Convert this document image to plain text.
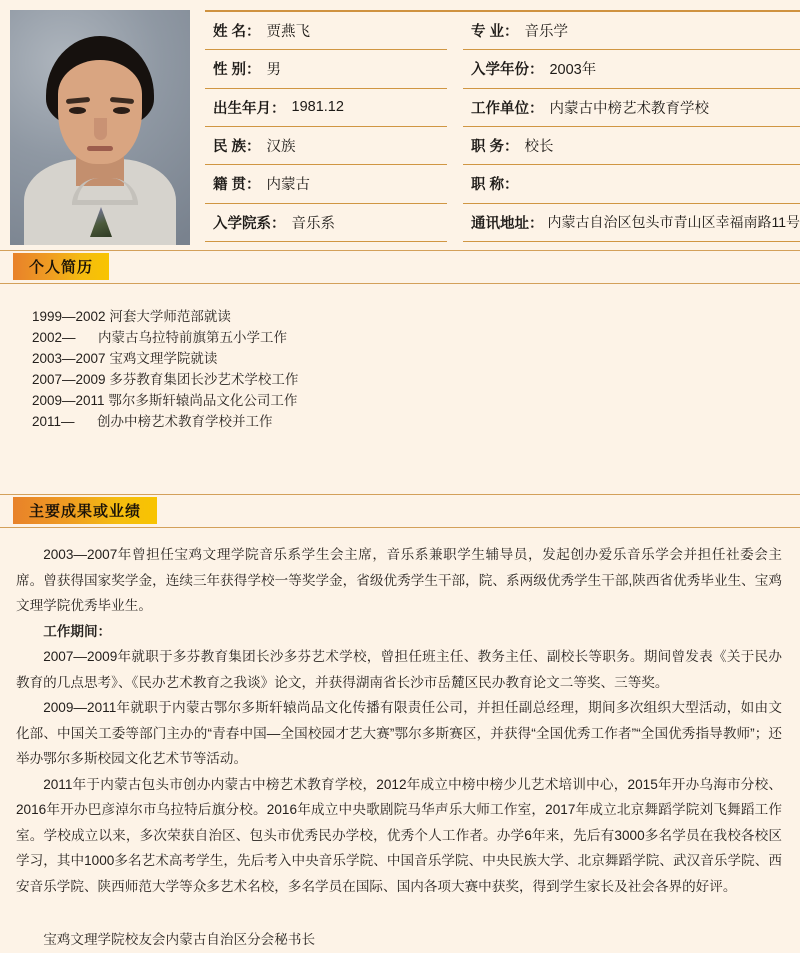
姓 名： 贾燕飞
性 别： 男
出生年月： 1981.12
民 族： 汉族
籍 贯： 内蒙古
入学院系： 音乐系
专 业： 音乐学
入学年份： 2003年
工作单位： 内蒙古中榜艺术教育学校
职 务： 校长
职 称：
通讯地址： 内蒙古自治区包头市青山区幸福南路11号
个人简历
1999—2002 河套大学师范部就读
2002—      内蒙古乌拉特前旗第五小学工作
2003—2007 宝鸡文理学院就读
2007—2009 多芬教育集团长沙艺术学校工作
2009—2011 鄂尔多斯轩辕尚品文化公司工作
2011—      创办中榜艺术教育学校并工作
主要成果或业绩

2003—2007年曾担任宝鸡文理学院音乐系学生会主席，音乐系兼职学生辅导员，发起创办爱乐音乐学会并担任社委会主席。曾获得国家奖学金，连续三年获得学校一等奖学金，省级优秀学生干部，院、系两级优秀学生干部,陕西省优秀毕业生、宝鸡文理学院优秀毕业生。

工作期间：

2007—2009年就职于多芬教育集团长沙多芬艺术学校，曾担任班主任、教务主任、副校长等职务。期间曾发表《关于民办教育的几点思考》、《民办艺术教育之我谈》论文，并获得湖南省长沙市岳麓区民办教育论文二等奖、三等奖。

2009—2011年就职于内蒙古鄂尔多斯轩辕尚品文化传播有限责任公司，并担任副总经理，期间多次组织大型活动，如由文化部、中国关工委等部门主办的“青春中国—全国校园才艺大赛”鄂尔多斯赛区，并获得“全国优秀工作者”“全国优秀指导教师”；还举办鄂尔多斯校园文化艺术节等活动。

2011年于内蒙古包头市创办内蒙古中榜艺术教育学校，2012年成立中榜中榜少儿艺术培训中心，2015年开办乌海市分校、2016年开办巴彦淖尔市乌拉特后旗分校。2016年成立中央歌剧院马华声乐大师工作室，2017年成立北京舞蹈学院刘飞舞蹈工作室。学校成立以来，多次荣获自治区、包头市优秀民办学校，优秀个人工作者。办学6年来，先后有3000多名学员在我校各校区学习，其中1000多名艺术高考学生，先后考入中央音乐学院、中国音乐学院、中央民族大学、北京舞蹈学院、武汉音乐学院、西安音乐学院、陕西师范大学等众多艺术名校，多名学员在国际、国内各项大赛中获奖，得到学生家长及社会各界的好评。

宝鸡文理学院校友会内蒙古自治区分会秘书长
